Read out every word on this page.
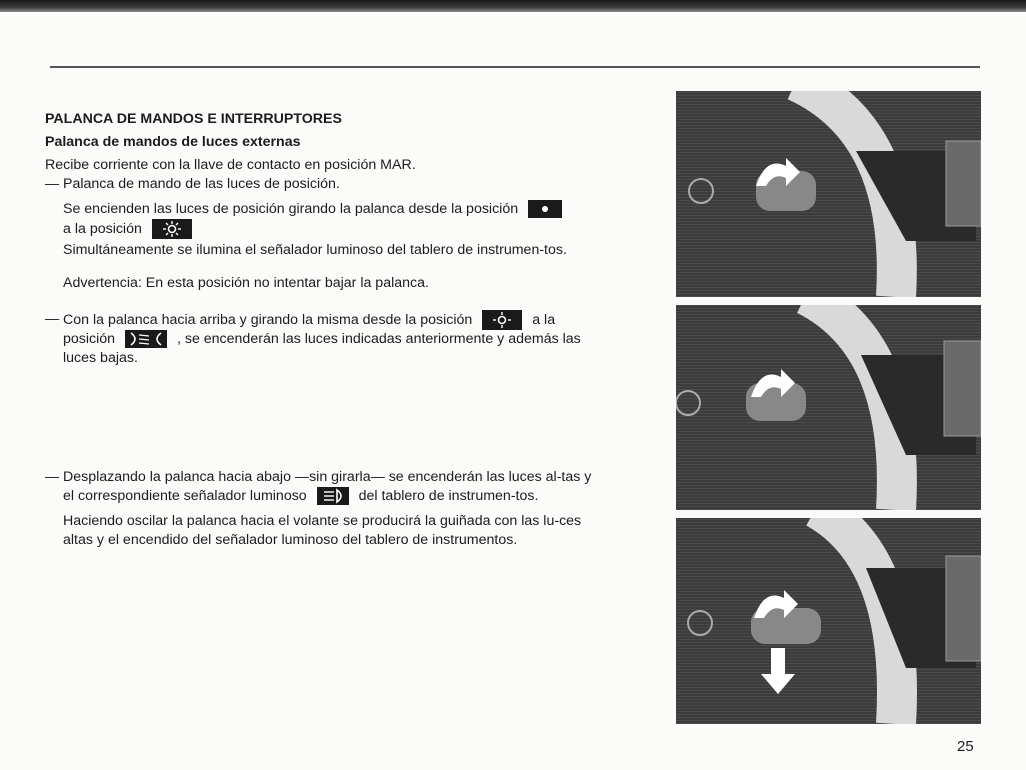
PALANCA DE MANDOS E INTERRUPTORES
Palanca de mandos de luces externas

Recibe corriente con la llave de contacto en posición MAR.

— Palanca de mando de las luces de posición.

Se encienden las luces de posición girando la palanca desde la posición

a la posición

Simultáneamente se ilumina el señalador luminoso del tablero de instrumen-tos.

Advertencia: En esta posición no intentar bajar la palanca.

— Con la palanca hacia arriba y girando la misma desde la posición	a la
posición	, se encenderán las luces indicadas anteriormente y además las luces bajas.

— Desplazando la palanca hacia abajo —sin girarla— se encenderán las luces al-tas y el correspondiente señalador luminoso	del tablero de instrumen-tos.

Haciendo oscilar la palanca hacia el volante se producirá la guiñada con las lu-ces altas y el encendido del señalador luminoso del tablero de instrumentos.

25
